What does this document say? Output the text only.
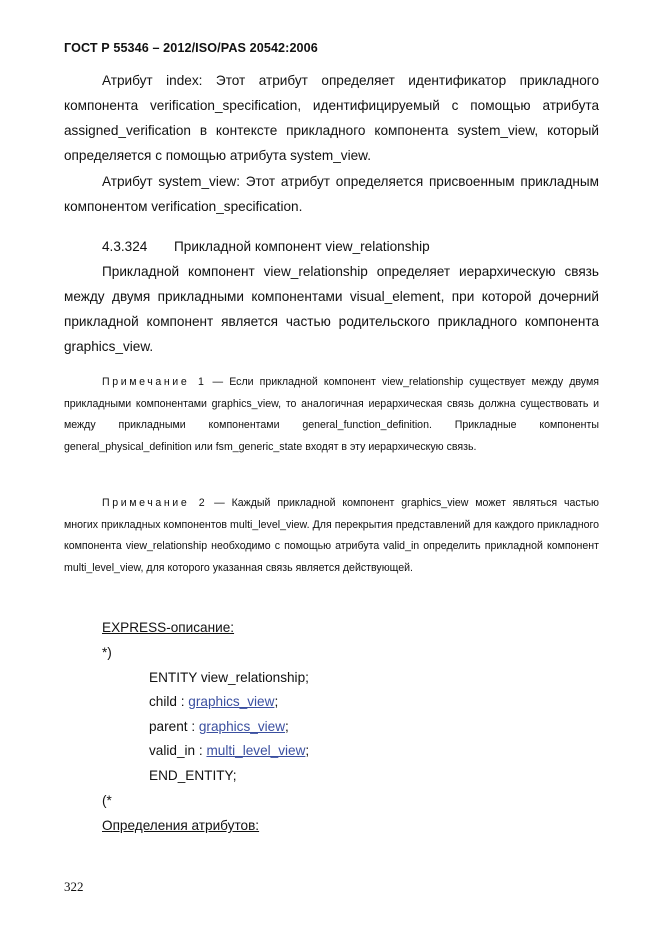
ГОСТ Р 55346 – 2012/ISO/PAS 20542:2006

Атрибут index: Этот атрибут определяет идентификатор прикладного компонента verification_specification, идентифицируемый с помощью атрибута assigned_verification в контексте прикладного компонента system_view, который определяется с помощью атрибута system_view.

Атрибут system_view: Этот атрибут определяется присвоенным прикладным компонентом verification_specification.

4.3.324 Прикладной компонент view_relationship

Прикладной компонент view_relationship определяет иерархическую связь между двумя прикладными компонентами visual_element, при которой дочерний прикладной компонент является частью родительского прикладного компонента graphics_view.

Примечание 1 — Если прикладной компонент view_relationship существует между двумя прикладными компонентами graphics_view, то аналогичная иерархическая связь должна существовать и между прикладными компонентами general_function_definition. Прикладные компоненты general_physical_definition или fsm_generic_state входят в эту иерархическую связь.

Примечание 2 — Каждый прикладной компонент graphics_view может являться частью многих прикладных компонентов multi_level_view. Для перекрытия представлений для каждого прикладного компонента view_relationship необходимо с помощью атрибута valid_in определить прикладной компонент multi_level_view, для которого указанная связь является действующей.

EXPRESS-описание:
*)
ENTITY view_relationship;
child : graphics_view;
parent : graphics_view;
valid_in : multi_level_view;
END_ENTITY;
(*
Определения атрибутов:
322
